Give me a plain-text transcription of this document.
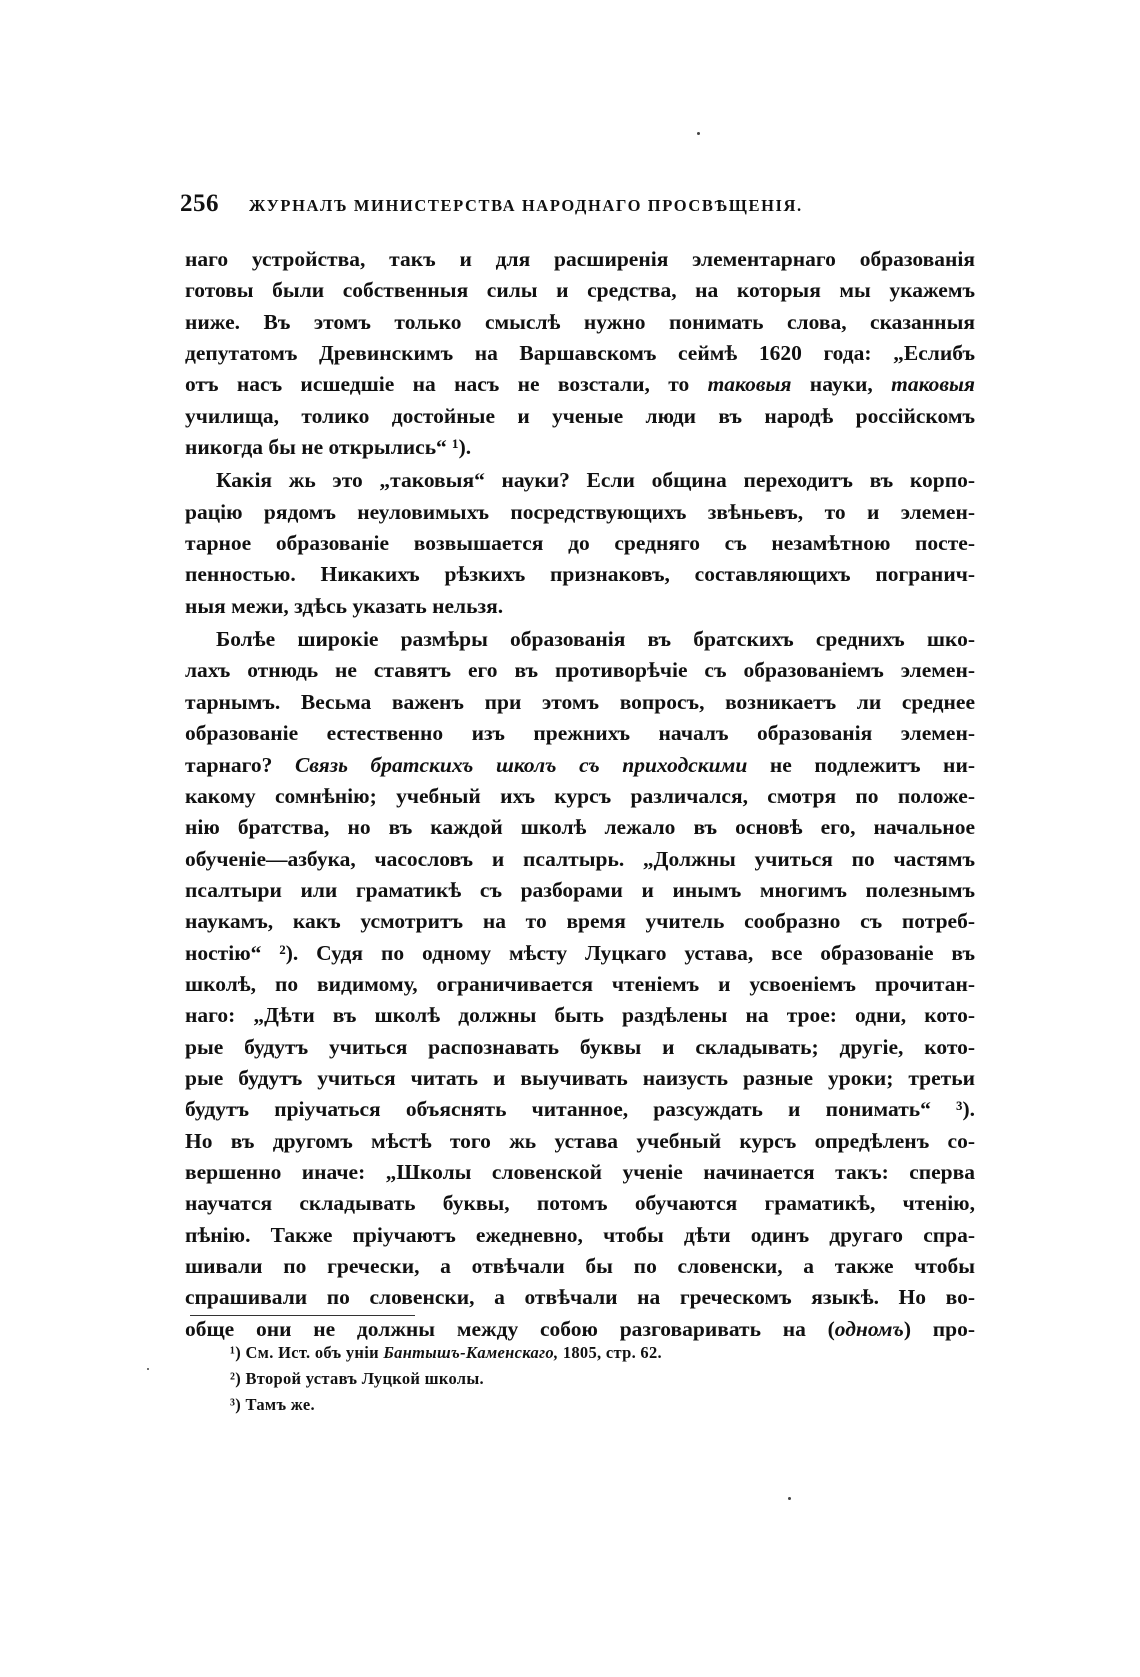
256 ЖУРНАЛЪ МИНИСТЕРСТВА НАРОДНАГО ПРОСВѢЩЕНІЯ.
наго устройства, такъ и для расширенія элементарнаго образованія
готовы были собственныя силы и средства, на которыя мы укажемъ
ниже. Въ этомъ только смыслѣ нужно понимать слова, сказанныя
депутатомъ Древинскимъ на Варшавскомъ сеймѣ 1620 года: „Еслибъ
отъ насъ исшедшіе на насъ не возстали, то таковыя науки, таковыя
училища, толико достойные и ученые люди въ народѣ россійскомъ
никогда бы не открылись“ ¹).
Какія жь это „таковыя“ науки? Если община переходитъ въ корпо-
рацію рядомъ неуловимыхъ посредствующихъ звѣньевъ, то и элемен-
тарное образованіе возвышается до средняго съ незамѣтною посте-
пенностью. Никакихъ рѣзкихъ признаковъ, составляющихъ погранич-
ныя межи, здѣсь указать нельзя.
Болѣе широкіе размѣры образованія въ братскихъ среднихъ шко-
лахъ отнюдь не ставятъ его въ противорѣчіе съ образованіемъ элемен-
тарнымъ. Весьма важенъ при этомъ вопросъ, возникаетъ ли среднее
образованіе естественно изъ прежнихъ началъ образованія элемен-
тарнаго? Связь братскихъ школъ съ приходскими не подлежитъ ни-
какому сомнѣнію; учебный ихъ курсъ различался, смотря по положе-
нію братства, но въ каждой школѣ лежало въ основѣ его, начальное
обученіе—азбука, часословъ и псалтырь. „Должны учиться по частямъ
псалтыри или граматикѣ съ разборами и инымъ многимъ полезнымъ
наукамъ, какъ усмотритъ на то время учитель сообразно съ потреб-
ностію“ ²). Судя по одному мѣсту Луцкаго устава, все образованіе въ
школѣ, по видимому, ограничивается чтеніемъ и усвоеніемъ прочитан-
наго: „Дѣти въ школѣ должны быть раздѣлены на трое: одни, кото-
рые будутъ учиться распознавать буквы и складывать; другіе, кото-
рые будутъ учиться читать и выучивать наизусть разные уроки; третьи
будутъ пріучаться объяснять читанное, разсуждать и понимать“ ³).
Но въ другомъ мѣстѣ того жь устава учебный курсъ опредѣленъ со-
вершенно иначе: „Школы словенской ученіе начинается такъ: сперва
научатся складывать буквы, потомъ обучаются граматикѣ, чтенію,
пѣнію. Также пріучаютъ ежедневно, чтобы дѣти одинъ другаго спра-
шивали по гречески, а отвѣчали бы по словенски, а также чтобы
спрашивали по словенски, а отвѣчали на греческомъ языкѣ. Но во-
обще они не должны между собою разговаривать на (одномъ) про-
¹) См. Ист. объ уніи Бантышъ-Каменскаго, 1805, стр. 62.
²) Второй уставъ Луцкой школы.
³) Тамъ же.
